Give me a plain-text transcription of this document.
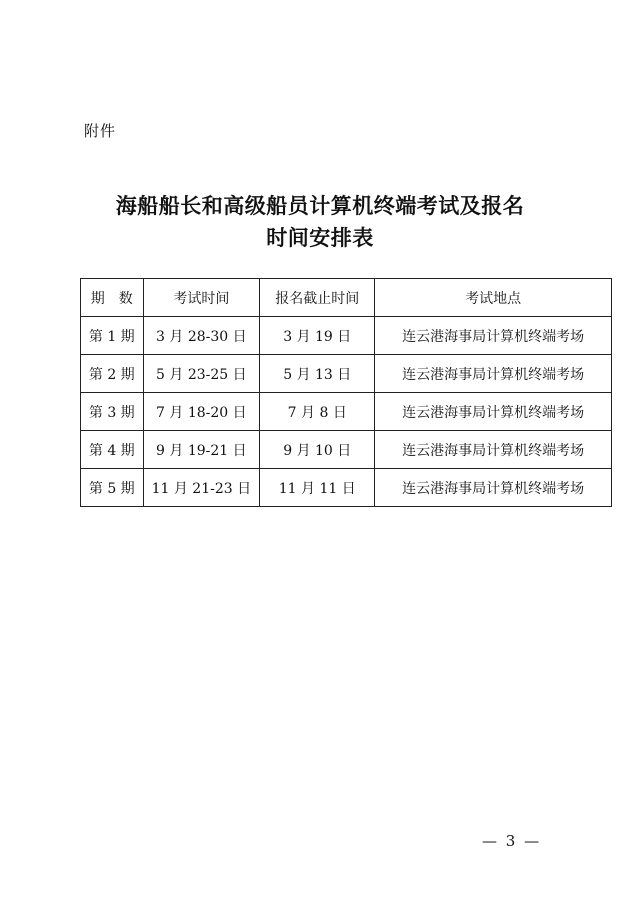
附件
海船船长和高级船员计算机终端考试及报名
时间安排表
期　数	考试时间	报名截止时间	考试地点
第 1 期	3 月 28-30 日	3 月 19 日	连云港海事局计算机终端考场
第 2 期	5 月 23-25 日	5 月 13 日	连云港海事局计算机终端考场
第 3 期	7 月 18-20 日	7 月 8 日	连云港海事局计算机终端考场
第 4 期	9 月 19-21 日	9 月 10 日	连云港海事局计算机终端考场
第 5 期	11 月 21-23 日	11 月 11 日	连云港海事局计算机终端考场
— 3 —
